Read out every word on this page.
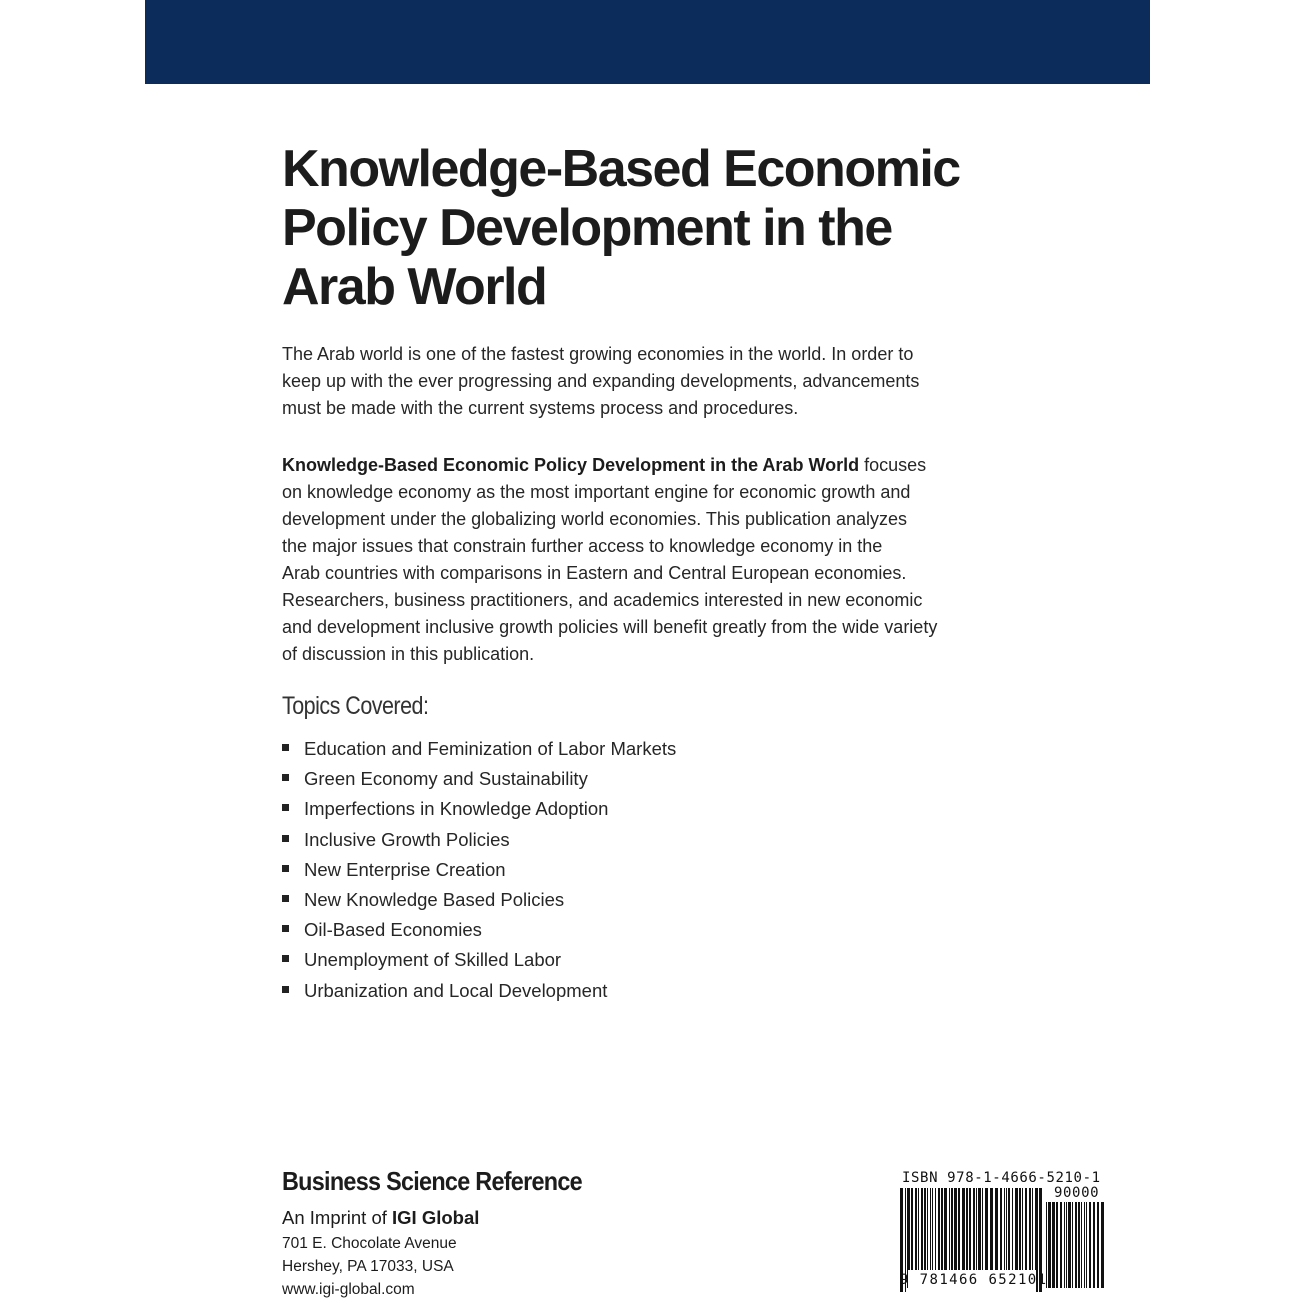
Knowledge-Based Economic
Policy Development in the
Arab World

The Arab world is one of the fastest growing economies in the world. In order to
keep up with the ever progressing and expanding developments, advancements
must be made with the current systems process and procedures.

Knowledge-Based Economic Policy Development in the Arab World focuses
on knowledge economy as the most important engine for economic growth and
development under the globalizing world economies. This publication analyzes
the major issues that constrain further access to knowledge economy in the
Arab countries with comparisons in Eastern and Central European economies.
Researchers, business practitioners, and academics interested in new economic
and development inclusive growth policies will benefit greatly from the wide variety
of discussion in this publication.

Topics Covered:
Education and Feminization of Labor Markets
Green Economy and Sustainability
Imperfections in Knowledge Adoption
Inclusive Growth Policies
New Enterprise Creation
New Knowledge Based Policies
Oil-Based Economies
Unemployment of Skilled Labor
Urbanization and Local Development
Business Science Reference
An Imprint of IGI Global
701 E. Chocolate Avenue
Hershey, PA 17033, USA
www.igi-global.com
ISBN 978-1-4666-5210-1
90000
9 781466 652101
